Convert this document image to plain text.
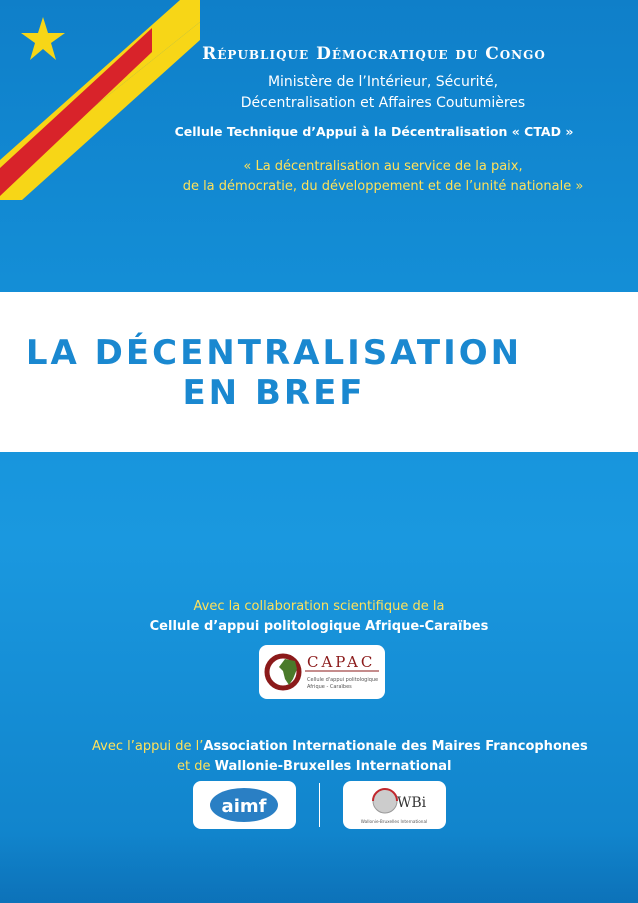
République Démocratique du Congo
Ministère de l’Intérieur, Sécurité,
Décentralisation et Affaires Coutumières
Cellule Technique d’Appui à la Décentralisation « CTAD »
« La décentralisation au service de la paix,
de la démocratie, du développement et de l’unité nationale »
LA DÉCENTRALISATION
EN BREF
Avec la collaboration scientifique de la
Cellule d’appui politologique Afrique-Caraïbes
CAPAC
Cellule d'appui politologique
Afrique - Caraïbes
Avec l’appui de l’Association Internationale des Maires Francophones
et de Wallonie-Bruxelles International
aimf	WBi
Wallonie-Bruxelles International
